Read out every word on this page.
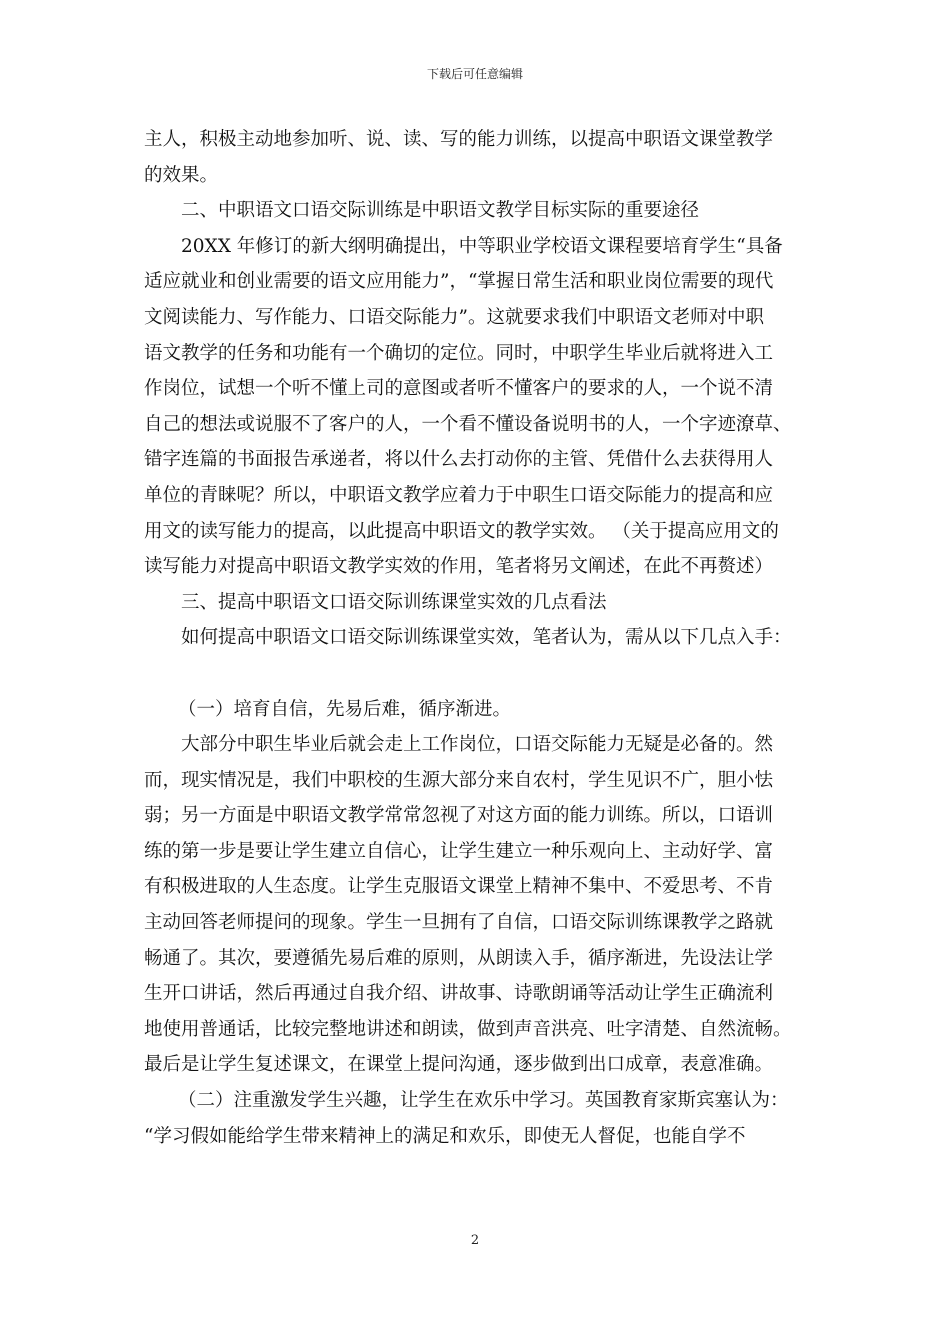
下载后可任意编辑
主人，积极主动地参加听、说、读、写的能力训练，以提高中职语文课堂教学
的效果。
二、中职语文口语交际训练是中职语文教学目标实际的重要途径
20XX 年修订的新大纲明确提出，中等职业学校语文课程要培育学生“具备
适应就业和创业需要的语文应用能力”，“掌握日常生活和职业岗位需要的现代
文阅读能力、写作能力、口语交际能力”。这就要求我们中职语文老师对中职
语文教学的任务和功能有一个确切的定位。同时，中职学生毕业后就将进入工
作岗位，试想一个听不懂上司的意图或者听不懂客户的要求的人，一个说不清
自己的想法或说服不了客户的人，一个看不懂设备说明书的人，一个字迹潦草、
错字连篇的书面报告承递者，将以什么去打动你的主管、凭借什么去获得用人
单位的青睐呢？所以，中职语文教学应着力于中职生口语交际能力的提高和应
用文的读写能力的提高，以此提高中职语文的教学实效。 （关于提高应用文的
读写能力对提高中职语文教学实效的作用，笔者将另文阐述，在此不再赘述）
三、提高中职语文口语交际训练课堂实效的几点看法
如何提高中职语文口语交际训练课堂实效，笔者认为，需从以下几点入手：
（一）培育自信，先易后难，循序渐进。
大部分中职生毕业后就会走上工作岗位，口语交际能力无疑是必备的。然
而，现实情况是，我们中职校的生源大部分来自农村，学生见识不广，胆小怯
弱；另一方面是中职语文教学常常忽视了对这方面的能力训练。所以，口语训
练的第一步是要让学生建立自信心，让学生建立一种乐观向上、主动好学、富
有积极进取的人生态度。让学生克服语文课堂上精神不集中、不爱思考、不肯
主动回答老师提问的现象。学生一旦拥有了自信，口语交际训练课教学之路就
畅通了。其次，要遵循先易后难的原则，从朗读入手，循序渐进，先设法让学
生开口讲话，然后再通过自我介绍、讲故事、诗歌朗诵等活动让学生正确流利
地使用普通话，比较完整地讲述和朗读，做到声音洪亮、吐字清楚、自然流畅。
最后是让学生复述课文，在课堂上提问沟通，逐步做到出口成章，表意准确。
（二）注重激发学生兴趣，让学生在欢乐中学习。英国教育家斯宾塞认为：
“学习假如能给学生带来精神上的满足和欢乐，即使无人督促，也能自学不
2
